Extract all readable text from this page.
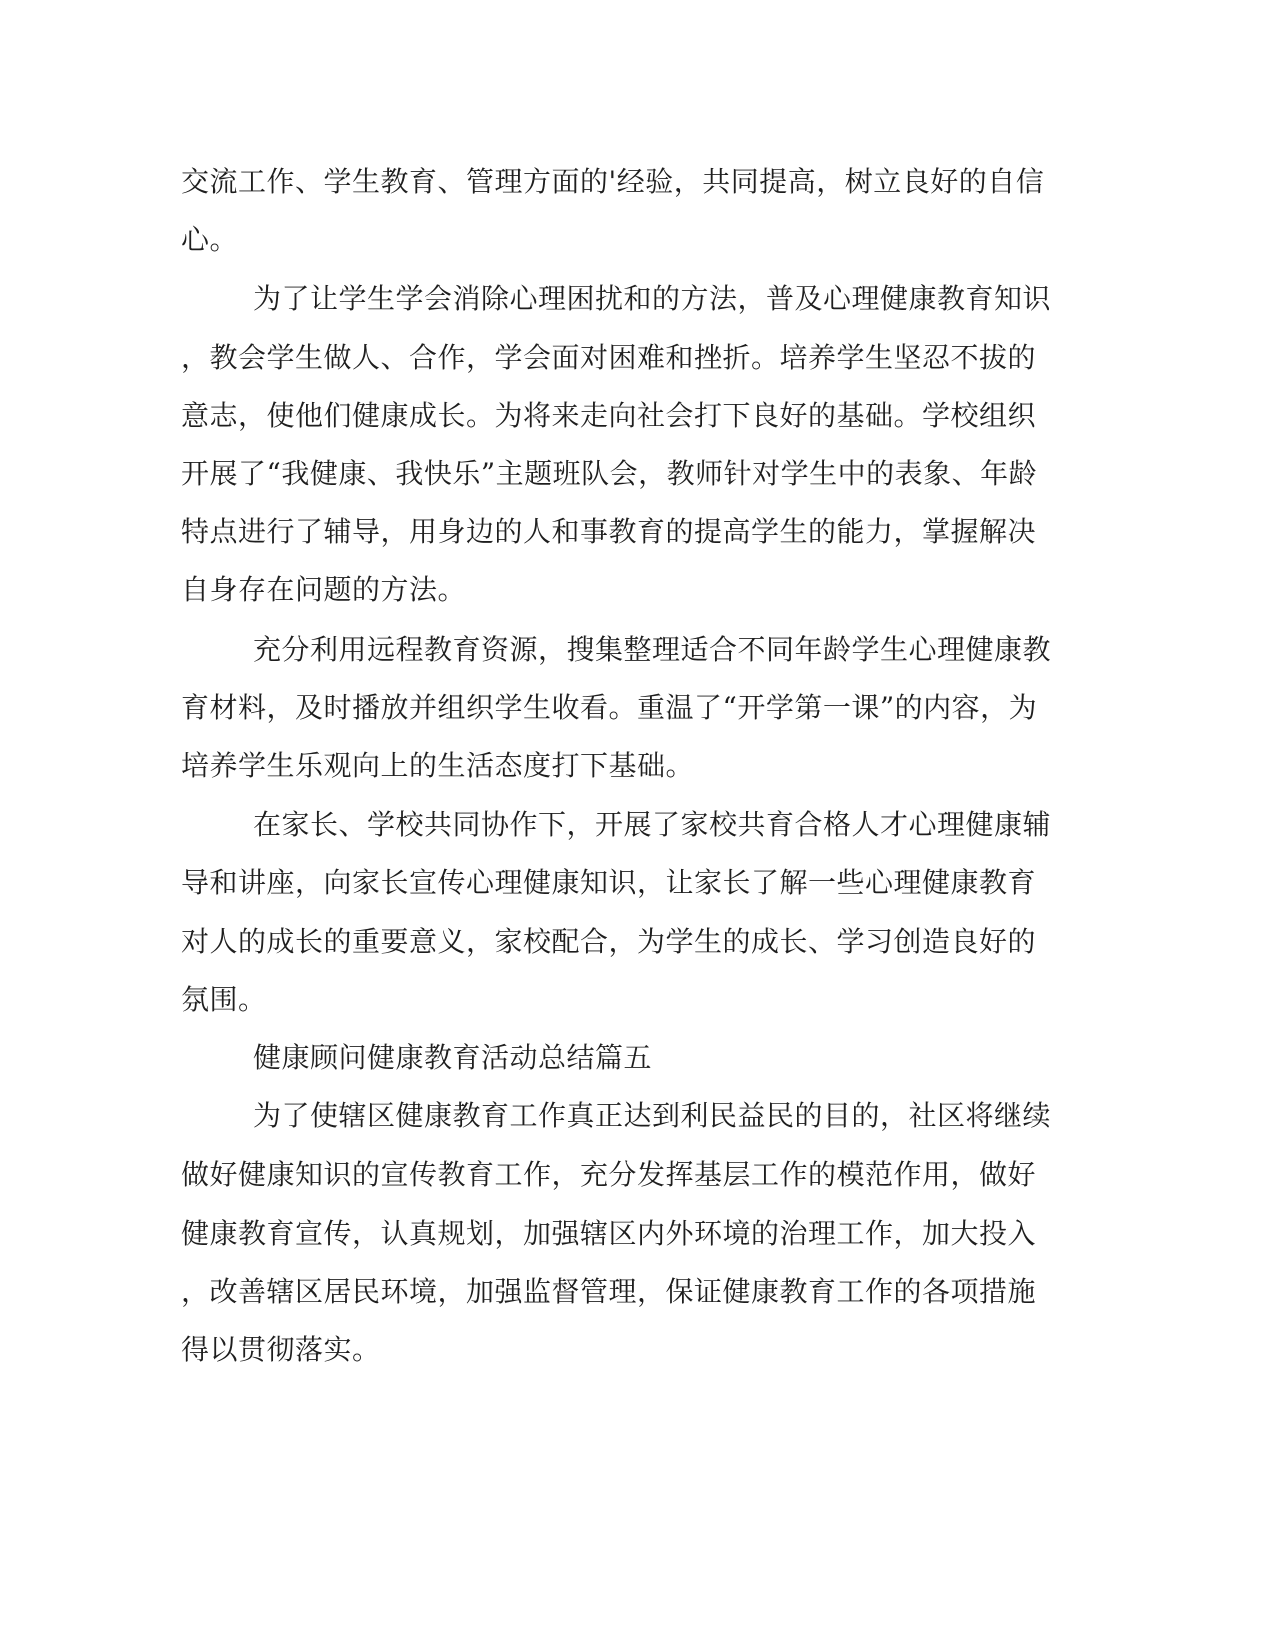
交流工作、学生教育、管理方面的'经验，共同提高，树立良好的自信
心。
为了让学生学会消除心理困扰和的方法，普及心理健康教育知识
，教会学生做人、合作，学会面对困难和挫折。培养学生坚忍不拔的
意志，使他们健康成长。为将来走向社会打下良好的基础。学校组织
开展了“我健康、我快乐”主题班队会，教师针对学生中的表象、年龄
特点进行了辅导，用身边的人和事教育的提高学生的能力，掌握解决
自身存在问题的方法。
充分利用远程教育资源，搜集整理适合不同年龄学生心理健康教
育材料，及时播放并组织学生收看。重温了“开学第一课”的内容，为
培养学生乐观向上的生活态度打下基础。
在家长、学校共同协作下，开展了家校共育合格人才心理健康辅
导和讲座，向家长宣传心理健康知识，让家长了解一些心理健康教育
对人的成长的重要意义，家校配合，为学生的成长、学习创造良好的
氛围。
健康顾问健康教育活动总结篇五
为了使辖区健康教育工作真正达到利民益民的目的，社区将继续
做好健康知识的宣传教育工作，充分发挥基层工作的模范作用，做好
健康教育宣传，认真规划，加强辖区内外环境的治理工作，加大投入
，改善辖区居民环境，加强监督管理，保证健康教育工作的各项措施
得以贯彻落实。
